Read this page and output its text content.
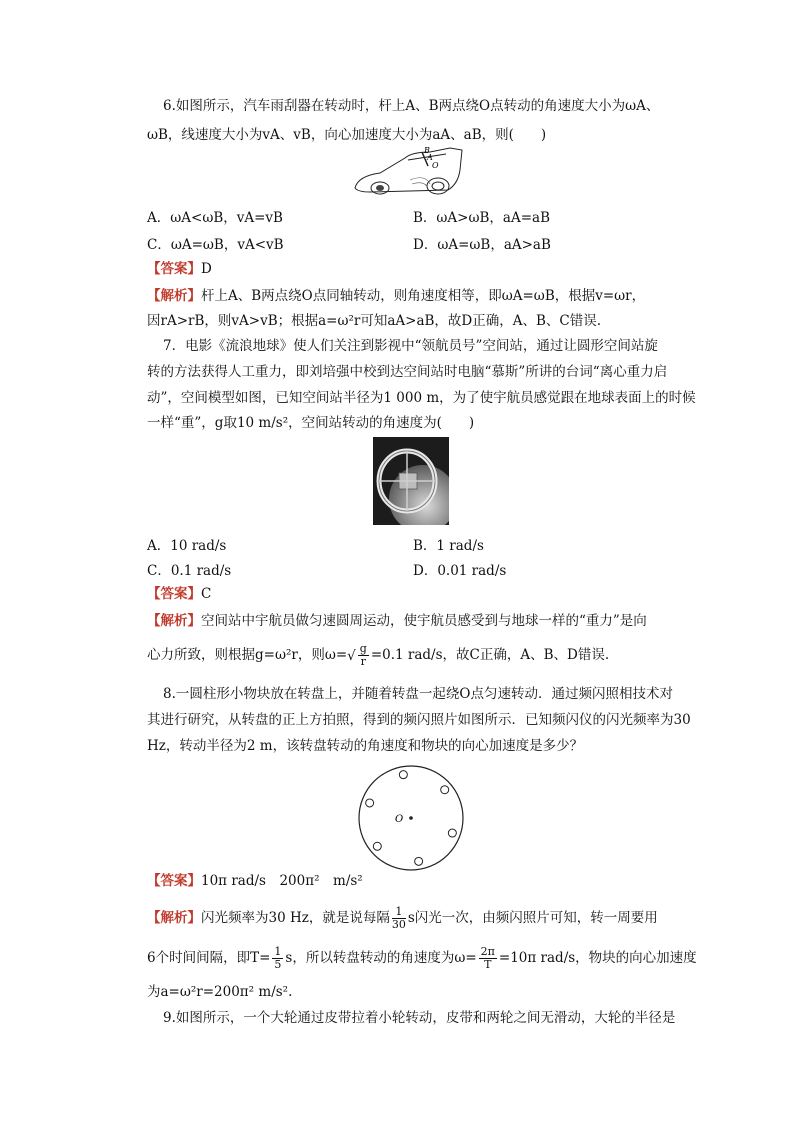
6.如图所示，汽车雨刮器在转动时，杆上A、B两点绕O点转动的角速度大小为ωA、
ωB，线速度大小为vA、vB，向心加速度大小为aA、aB，则(　　)
B
A
O
A．ωA<ωB，vA=vB	B．ωA>ωB，aA=aB
C．ωA=ωB，vA<vB	D．ωA=ωB，aA>aB
【答案】D
【解析】杆上A、B两点绕O点同轴转动，则角速度相等，即ωA=ωB，根据v=ωr，
因rA>rB，则vA>vB；根据a=ω²r可知aA>aB，故D正确，A、B、C错误.
7．电影《流浪地球》使人们关注到影视中“领航员号”空间站，通过让圆形空间站旋
转的方法获得人工重力，即刘培强中校到达空间站时电脑“慕斯”所讲的台词“离心重力启
动”，空间模型如图，已知空间站半径为1 000 m，为了使宇航员感觉跟在地球表面上的时候
一样“重”，g取10 m/s²，空间站转动的角速度为(　　)
A．10 rad/s	B．1 rad/s
C．0.1 rad/s	D．0.01 rad/s
【答案】C
【解析】空间站中宇航员做匀速圆周运动，使宇航员感受到与地球一样的“重力”是向
心力所致，则根据g=ω²r，则$\omega=√ \frac{g}{r} =0.1$ rad/s，故C正确，A、B、D错误.
8.一圆柱形小物块放在转盘上，并随着转盘一起绕O点匀速转动．通过频闪照相技术对
其进行研究，从转盘的正上方拍照，得到的频闪照片如图所示．已知频闪仪的闪光频率为30
Hz，转动半径为2 m，该转盘转动的角速度和物块的向心加速度是多少？
O
【答案】10π rad/s　200π²　m/s²
【解析】闪光频率为30 Hz，就是说每隔 $\frac{1}{30}$ s闪光一次，由频闪照片可知，转一周要用
6个时间间隔，即$T= \frac{1}{5}$ s，所以转盘转动的角速度为$\omega= \frac{2\pi}{T} =10\pi$ rad/s，物块的向心加速度
为a=ω²r=200π² m/s².
9.如图所示，一个大轮通过皮带拉着小轮转动，皮带和两轮之间无滑动，大轮的半径是
